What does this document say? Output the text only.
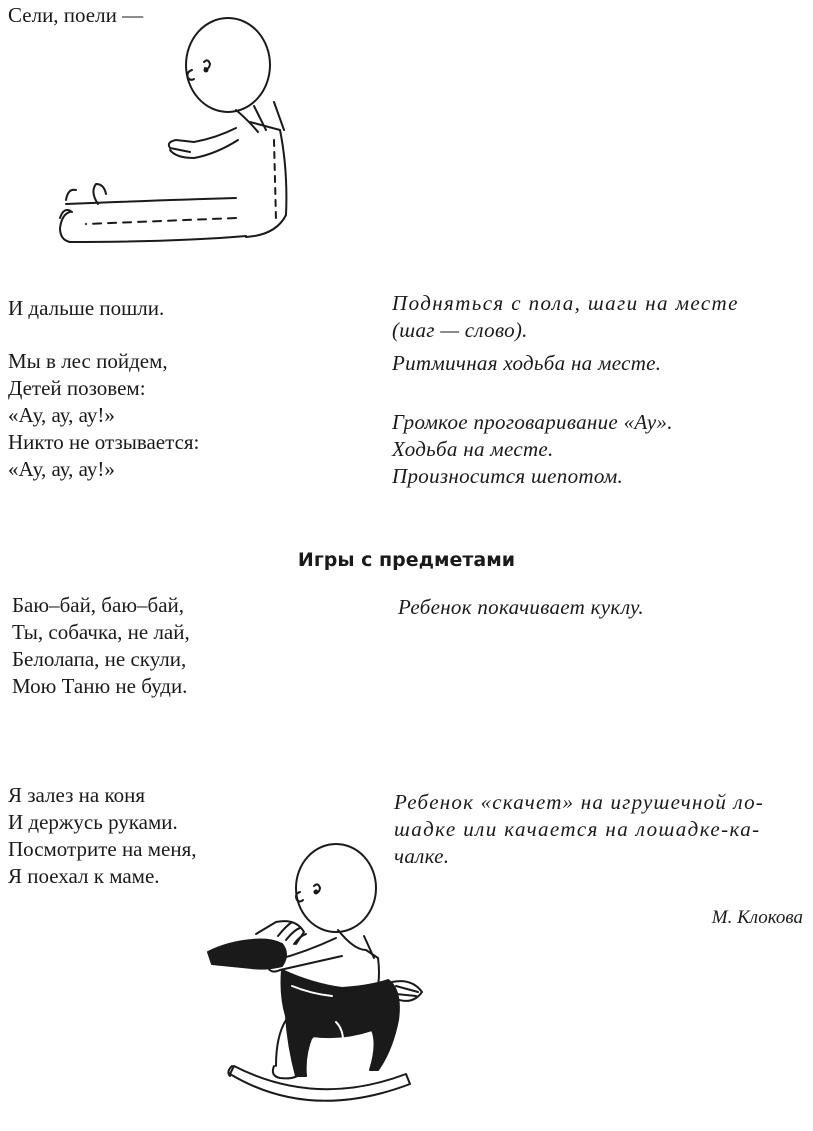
Сели, поели —
И дальше пошли.	Подняться с пола, шаги на месте
(шаг — слово).
Мы в лес пойдем,
Детей позовем:
«Ау, ау, ау!»
Никто не отзывается:
«Ау, ау, ау!»
Ритмичная ходьба на месте.
Громкое проговаривание «Ау».
Ходьба на месте.
Произносится шепотом.
Игры с предметами
Баю–бай, баю–бай,
Ты, собачка, не лай,
Белолапа, не скули,
Мою Таню не буди.
Ребенок покачивает куклу.
Я залез на коня
И держусь руками.
Посмотрите на меня,
Я поехал к маме.
Ребенок «скачет» на игрушечной ло-
шадке или качается на лошадке-ка-
чалке.
М. Клокова
